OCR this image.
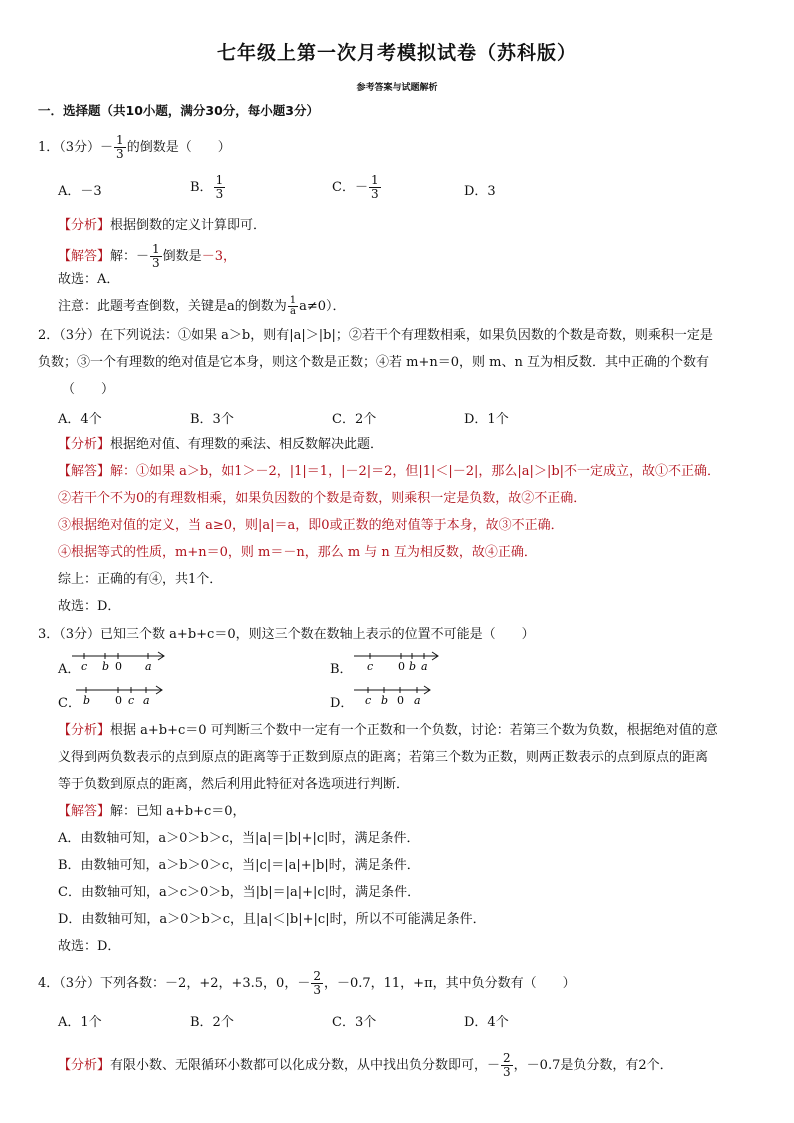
七年级上第一次月考模拟试卷（苏科版）
参考答案与试题解析
一．选择题（共10小题，满分30分，每小题3分）
1．（3分）－ $\frac{1}{3}$ 的倒数是（　　）
A．－3	B． $\frac{1}{3}$	C．－ $\frac{1}{3}$	D．3
【分析】根据倒数的定义计算即可．
【解答】解：－ $\frac{1}{3}$ 倒数是－3，
故选：A．
注意：此题考查倒数，关键是a的倒数为 $\frac{1}{a} a\ne 0$）．
2．（3分）在下列说法：①如果 a＞b，则有|a|＞|b|；②若干个有理数相乘，如果负因数的个数是奇数，则乘积一定是
负数；③一个有理数的绝对值是它本身，则这个数是正数；④若 m+n＝0，则 m、n 互为相反数．其中正确的个数有
（　　）
A．4个	B．3个	C．2个	D．1个
【分析】根据绝对值、有理数的乘法、相反数解决此题．
【解答】解：①如果 a＞b，如1＞－2，|1|＝1，|－2|＝2，但|1|＜|－2|，那么|a|＞|b|不一定成立，故①不正确．
②若干个不为0的有理数相乘，如果负因数的个数是奇数，则乘积一定是负数，故②不正确．
③根据绝对值的定义，当 a≥0，则|a|＝a，即0或正数的绝对值等于本身，故③不正确．
④根据等式的性质，m+n＝0，则 m＝－n，那么 m 与 n 互为相反数，故④正确．
综上：正确的有④，共1个．
故选：D．
3．（3分）已知三个数 a+b+c＝0，则这三个数在数轴上表示的位置不可能是（　　）
A． c b 0 a	B． c 0 b a
C． b 0 c a	D． c b 0 a
【分析】根据 a+b+c＝0 可判断三个数中一定有一个正数和一个负数，讨论：若第三个数为负数，根据绝对值的意
义得到两负数表示的点到原点的距离等于正数到原点的距离；若第三个数为正数，则两正数表示的点到原点的距离
等于负数到原点的距离，然后利用此特征对各选项进行判断．
【解答】解：已知 a+b+c＝0，
A．由数轴可知，a＞0＞b＞c，当|a|＝|b|+|c|时，满足条件．
B．由数轴可知，a＞b＞0＞c，当|c|＝|a|+|b|时，满足条件．
C．由数轴可知，a＞c＞0＞b，当|b|＝|a|+|c|时，满足条件．
D．由数轴可知，a＞0＞b＞c，且|a|＜|b|+|c|时，所以不可能满足条件．
故选：D．
4．（3分）下列各数：－2，+2，+3.5，0，－ $\frac{2}{3}$ ，－0.7，11，+π，其中负分数有（　　）
A．1个	B．2个	C．3个	D．4个
【分析】有限小数、无限循环小数都可以化成分数，从中找出负分数即可，－ $\frac{2}{3}$ ，－0.7是负分数，有2个．
